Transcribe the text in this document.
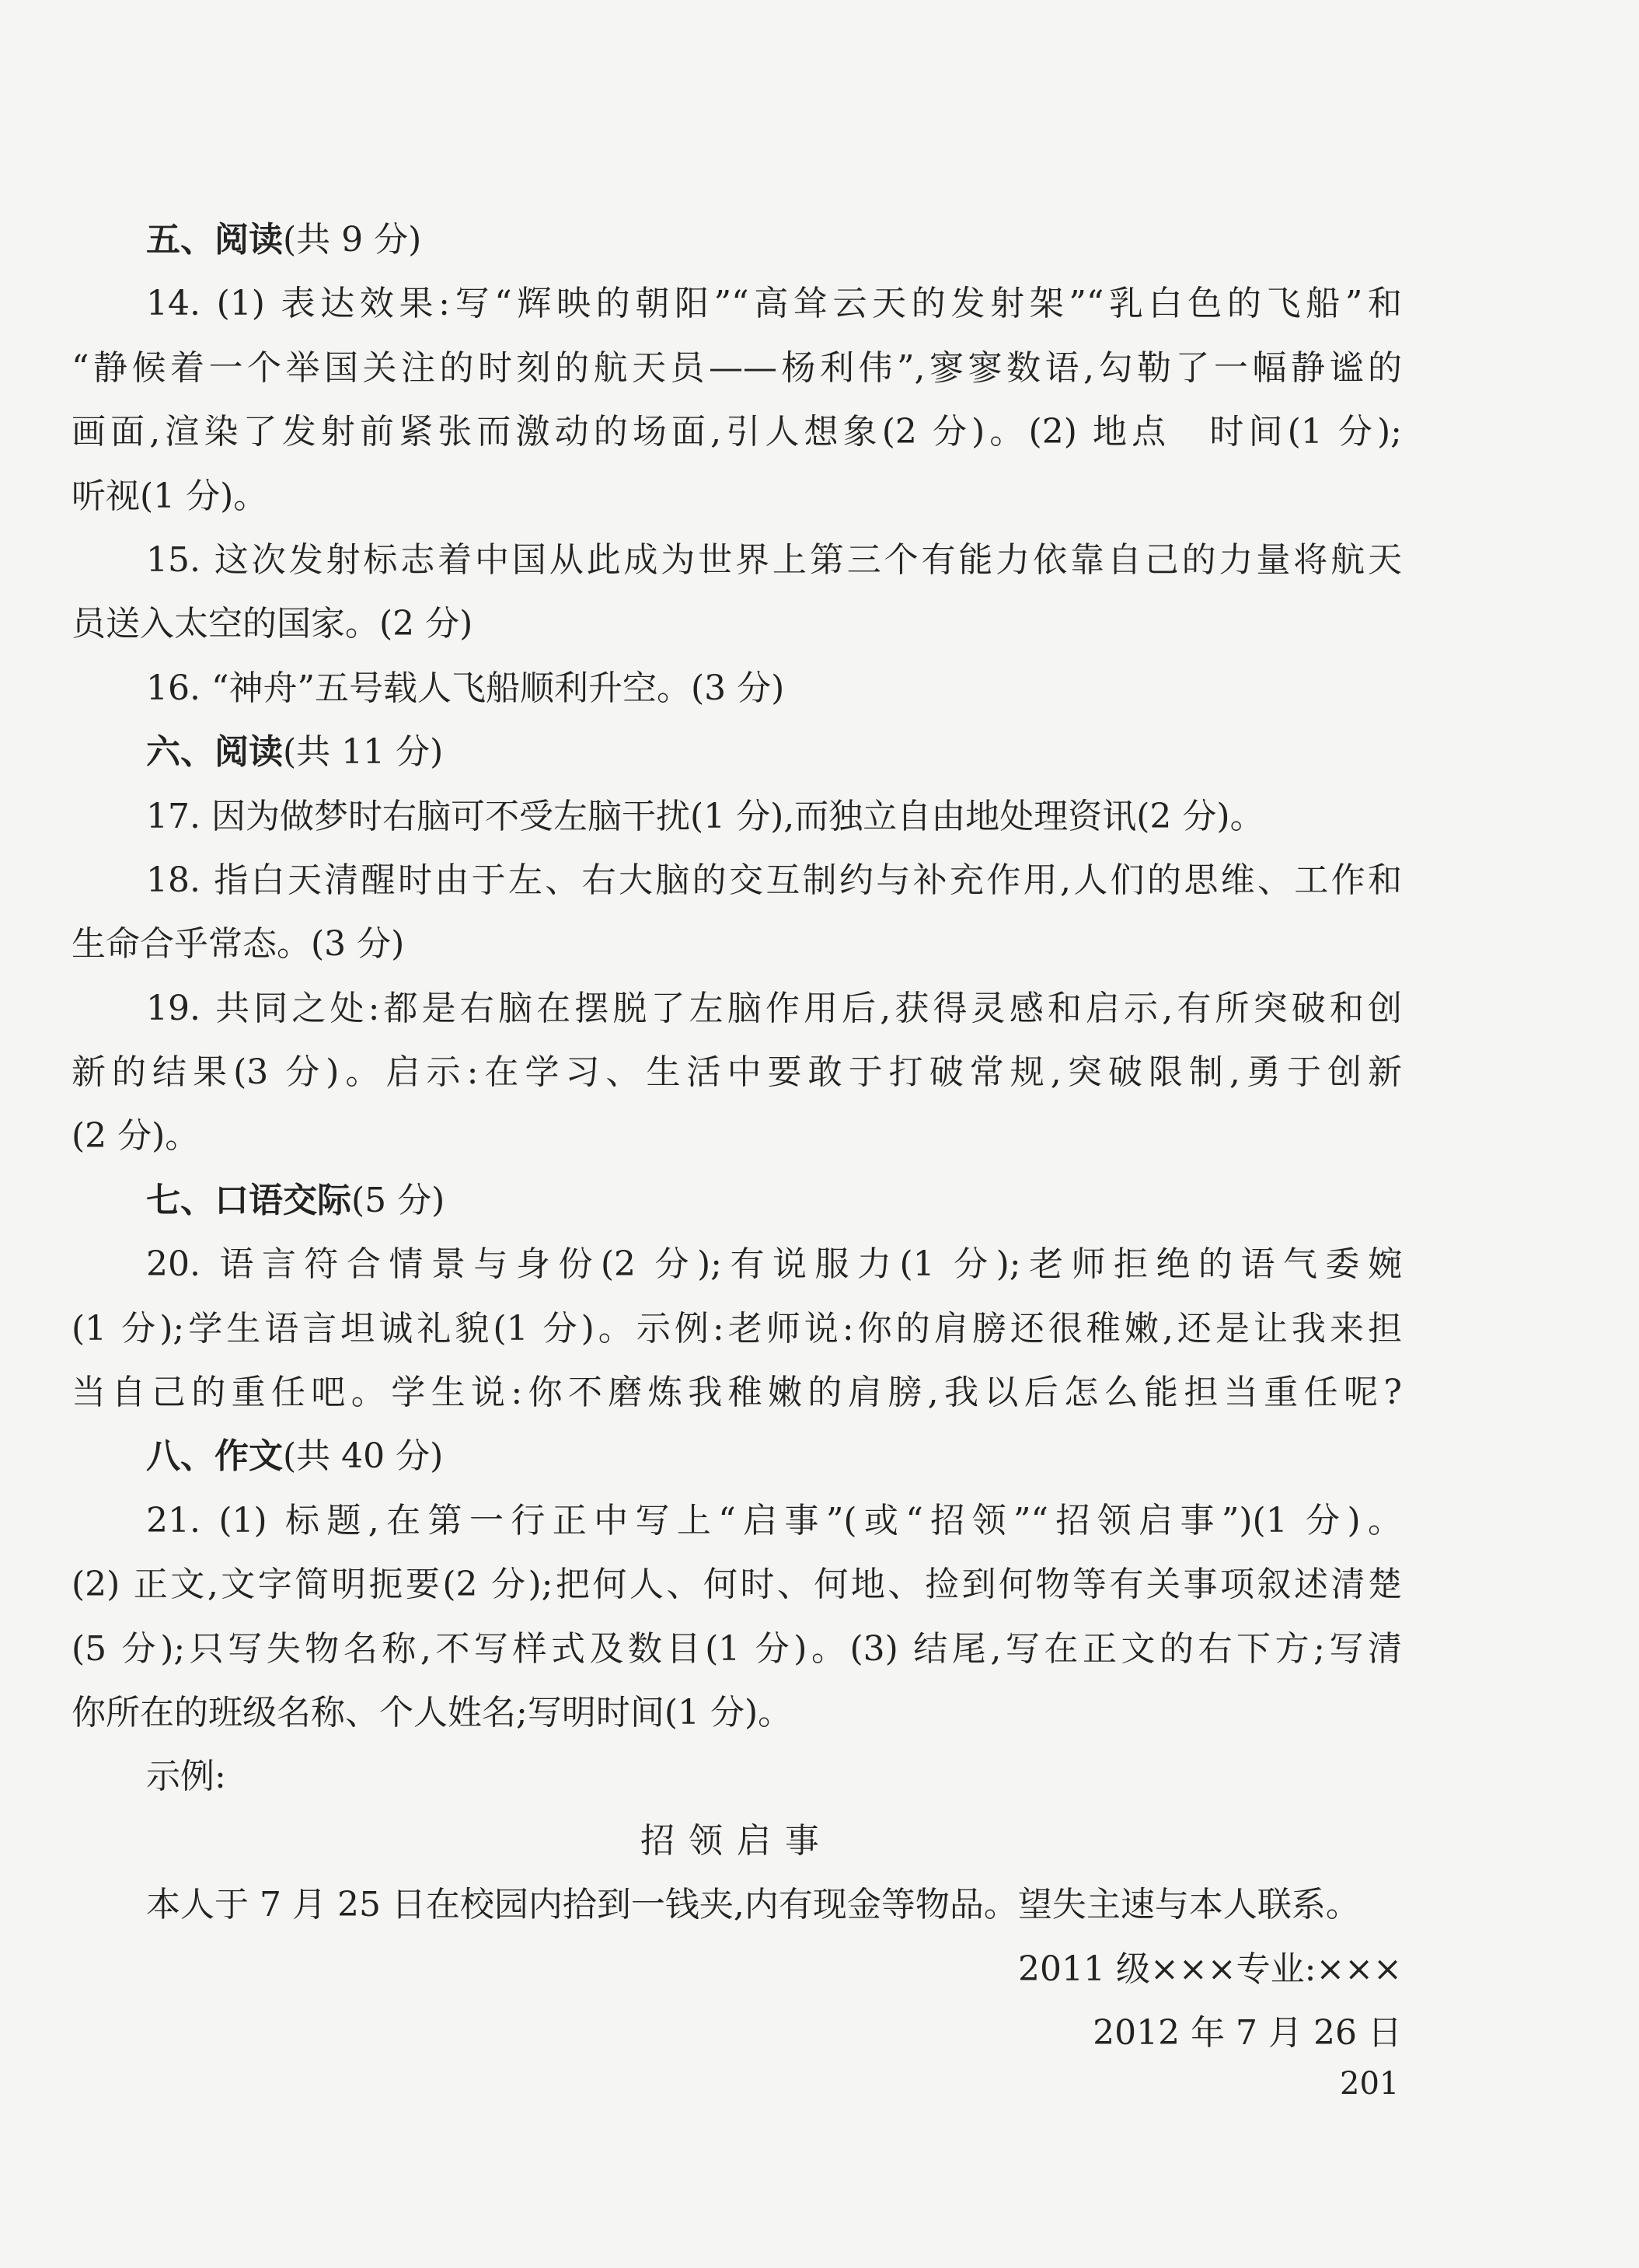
五、阅读(共 9 分)
14. (1) 表达效果:写“辉映的朝阳”“高耸云天的发射架”“乳白色的飞船”和
“静候着一个举国关注的时刻的航天员——杨利伟”,寥寥数语,勾勒了一幅静谧的
画面,渲染了发射前紧张而激动的场面,引人想象(2 分)。(2) 地点　时间(1 分);
听视(1 分)。
15. 这次发射标志着中国从此成为世界上第三个有能力依靠自己的力量将航天
员送入太空的国家。(2 分)
16. “神舟”五号载人飞船顺利升空。(3 分)
六、阅读(共 11 分)
17. 因为做梦时右脑可不受左脑干扰(1 分),而独立自由地处理资讯(2 分)。
18. 指白天清醒时由于左、右大脑的交互制约与补充作用,人们的思维、工作和
生命合乎常态。(3 分)
19. 共同之处:都是右脑在摆脱了左脑作用后,获得灵感和启示,有所突破和创
新的结果(3 分)。启示:在学习、生活中要敢于打破常规,突破限制,勇于创新
(2 分)。
七、口语交际(5 分)
20. 语言符合情景与身份(2 分);有说服力(1 分);老师拒绝的语气委婉
(1 分);学生语言坦诚礼貌(1 分)。示例:老师说:你的肩膀还很稚嫩,还是让我来担
当自己的重任吧。学生说:你不磨炼我稚嫩的肩膀,我以后怎么能担当重任呢?
八、作文(共 40 分)
21. (1) 标题,在第一行正中写上“启事”(或“招领”“招领启事”)(1 分)。
(2) 正文,文字简明扼要(2 分);把何人、何时、何地、捡到何物等有关事项叙述清楚
(5 分);只写失物名称,不写样式及数目(1 分)。(3) 结尾,写在正文的右下方;写清
你所在的班级名称、个人姓名;写明时间(1 分)。
示例:
招领启事
本人于 7 月 25 日在校园内拾到一钱夹,内有现金等物品。望失主速与本人联系。
2011 级×××专业:×××
2012 年 7 月 26 日
201
